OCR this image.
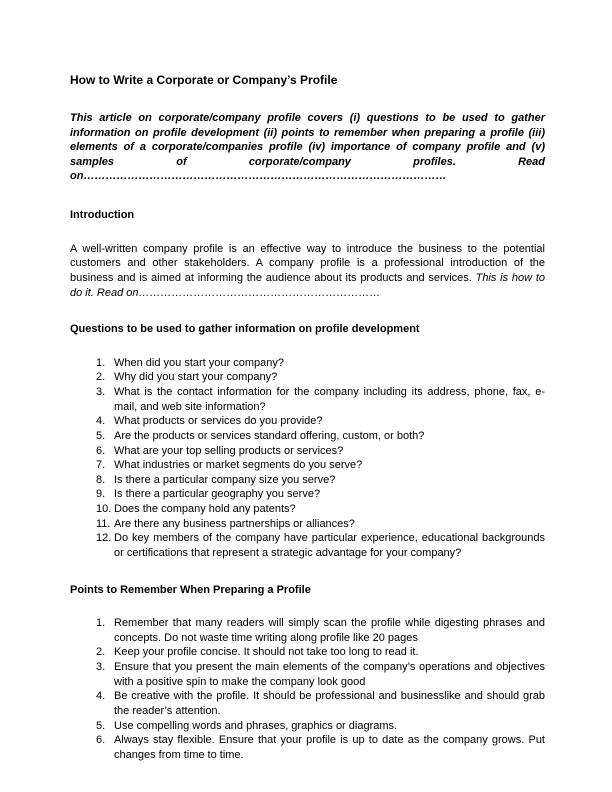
How to Write a Corporate or Company’s Profile

This article on corporate/company profile covers (i) questions to be used to gather information on profile development (ii) points to remember when preparing a profile (iii) elements of a corporate/companies profile (iv) importance of company profile and (v) samples of corporate/company profiles. Read on………………………………………………………………………………………

Introduction

A well-written company profile is an effective way to introduce the business to the potential customers and other stakeholders. A company profile is a professional introduction of the business and is aimed at informing the audience about its products and services. This is how to do it. Read on…………………………………………………………

Questions to be used to gather information on profile development
When did you start your company?
Why did you start your company?
What is the contact information for the company including its address, phone, fax, e-mail, and web site information?
What products or services do you provide?
Are the products or services standard offering, custom, or both?
What are your top selling products or services?
What industries or market segments do you serve?
Is there a particular company size you serve?
Is there a particular geography you serve?
Does the company hold any patents?
Are there any business partnerships or alliances?
Do key members of the company have particular experience, educational backgrounds or certifications that represent a strategic advantage for your company?
Points to Remember When Preparing a Profile
Remember that many readers will simply scan the profile while digesting phrases and concepts. Do not waste time writing along profile like 20 pages
Keep your profile concise. It should not take too long to read it.
Ensure that you present the main elements of the company’s operations and objectives with a positive spin to make the company look good
Be creative with the profile. It should be professional and businesslike and should grab the reader’s attention.
Use compelling words and phrases, graphics or diagrams.
Always stay flexible. Ensure that your profile is up to date as the company grows. Put changes from time to time.
